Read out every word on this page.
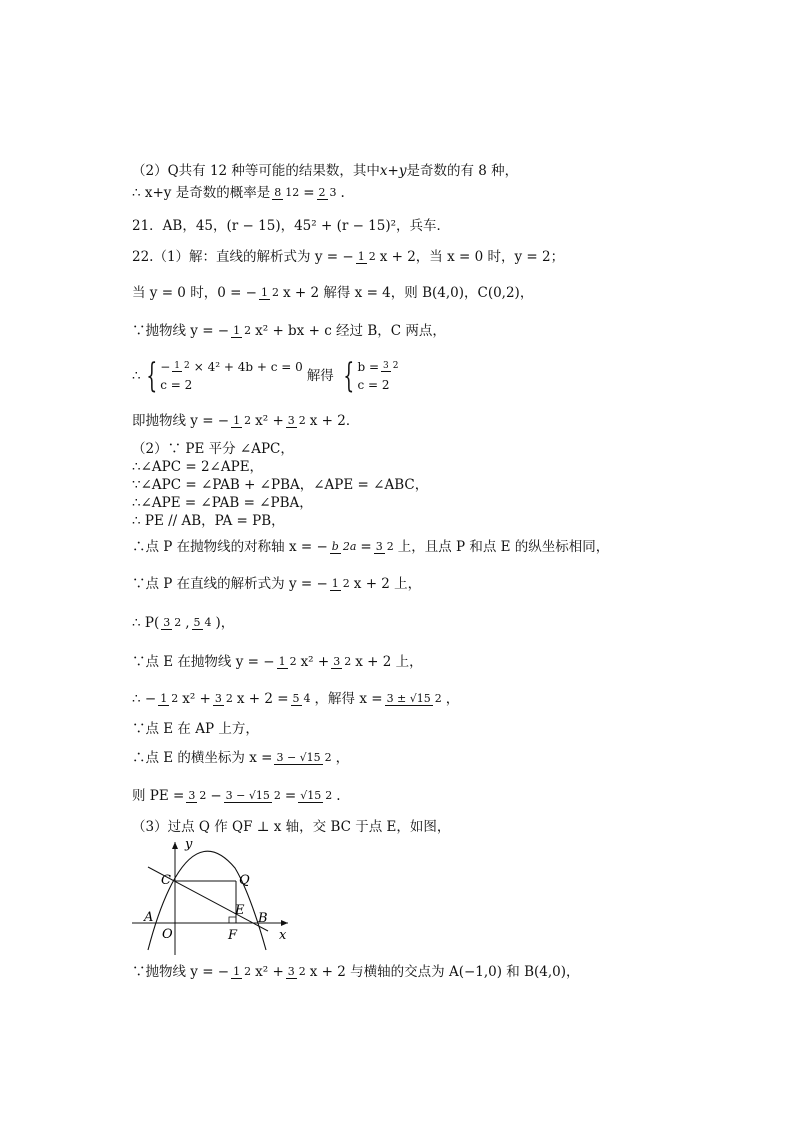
（2）Q共有 12 种等可能的结果数，其中 x+y 是奇数的有 8 种，
∴ x+y 是奇数的概率是 8 12 = 2 3 .
21．AB，45，(r − 15)，45² + (r − 15)²，兵车．
22.（1）解：直线的解析式为 y = − 1 2 x + 2，当 x = 0 时，y = 2；
当 y = 0 时，0 = − 1 2 x + 2 解得 x = 4，则 B(4,0)，C(0,2)，
∵抛物线 y = − 1 2 x² + bx + c 经过 B，C 两点，
∴ { − 1 2 × 4² + 4b + c = 0
c = 2
解得 { b = 3 2
c = 2
即抛物线 y = − 1 2 x² + 3 2 x + 2．
（2）∵ PE 平分 ∠APC，
∴∠APC = 2∠APE，
∵∠APC = ∠PAB + ∠PBA，∠APE = ∠ABC，
∴∠APE = ∠PAB = ∠PBA，
∴ PE // AB，PA = PB，
∴点 P 在抛物线的对称轴 x = − b 2a = 3 2 上，且点 P 和点 E 的纵坐标相同，
∵点 P 在直线的解析式为 y = − 1 2 x + 2 上，
∴ P( 3 2 , 5 4 )，
∵点 E 在抛物线 y = − 1 2 x² + 3 2 x + 2 上，
∴ − 1 2 x² + 3 2 x + 2 = 5 4 ，解得 x = 3 ± √15 2 ，
∵点 E 在 AP 上方，
∴点 E 的横坐标为 x = 3 − √15 2 ，
则 PE = 3 2 − 3 − √15 2 = √15 2 .
（3）过点 Q 作 QF ⊥ x 轴，交 BC 于点 E，如图，
y
x
C	Q
E
A
O	F
B
∵抛物线 y = − 1 2 x² + 3 2 x + 2 与横轴的交点为 A(−1,0) 和 B(4,0)，
